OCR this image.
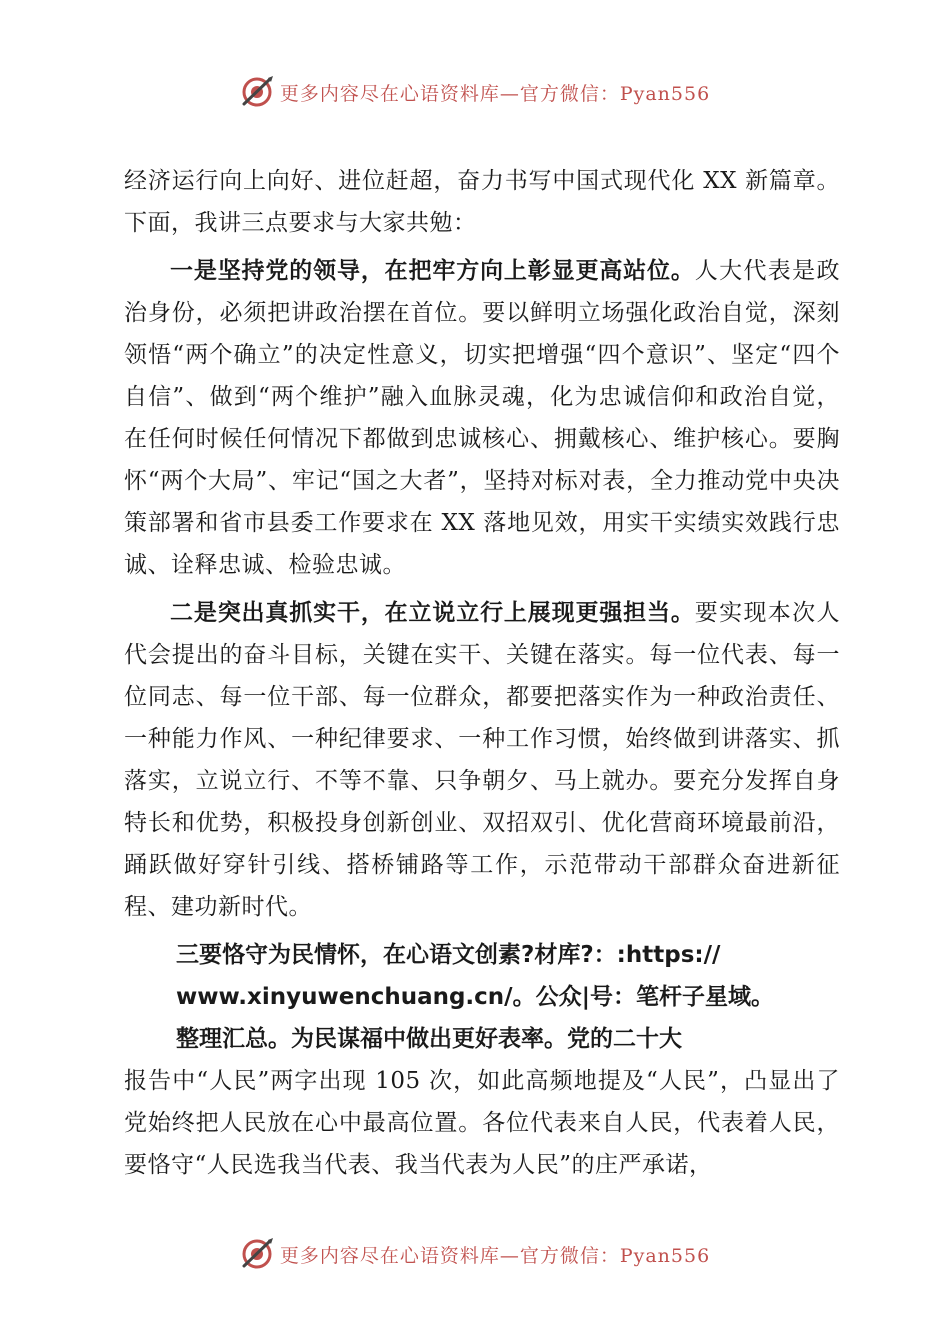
更多内容尽在心语资料库—官方微信：Pyan556

经济运行向上向好、进位赶超，奋力书写中国式现代化 XX 新篇章。下面，我讲三点要求与大家共勉：

一是坚持党的领导，在把牢方向上彰显更高站位。人大代表是政治身份，必须把讲政治摆在首位。要以鲜明立场强化政治自觉，深刻领悟“两个确立”的决定性意义，切实把增强“四个意识”、坚定“四个自信”、做到“两个维护”融入血脉灵魂，化为忠诚信仰和政治自觉，在任何时候任何情况下都做到忠诚核心、拥戴核心、维护核心。要胸怀“两个大局”、牢记“国之大者”，坚持对标对表，全力推动党中央决策部署和省市县委工作要求在 XX 落地见效，用实干实绩实效践行忠诚、诠释忠诚、检验忠诚。

二是突出真抓实干，在立说立行上展现更强担当。要实现本次人代会提出的奋斗目标，关键在实干、关键在落实。每一位代表、每一位同志、每一位干部、每一位群众，都要把落实作为一种政治责任、一种能力作风、一种纪律要求、一种工作习惯，始终做到讲落实、抓落实，立说立行、不等不靠、只争朝夕、马上就办。要充分发挥自身特长和优势，积极投身创新创业、双招双引、优化营商环境最前沿，踊跃做好穿针引线、搭桥铺路等工作，示范带动干部群众奋进新征程、建功新时代。

三要恪守为民情怀，在心语文创素?材库?：:https://
www.xinyuwenchuang.cn/。公众|号：笔杆子星域。
整理汇总。为民谋福中做出更好表率。党的二十大

报告中“人民”两字出现 105 次，如此高频地提及“人民”，凸显出了党始终把人民放在心中最高位置。各位代表来自人民，代表着人民，要恪守“人民选我当代表、我当代表为人民”的庄严承诺，

更多内容尽在心语资料库—官方微信：Pyan556
